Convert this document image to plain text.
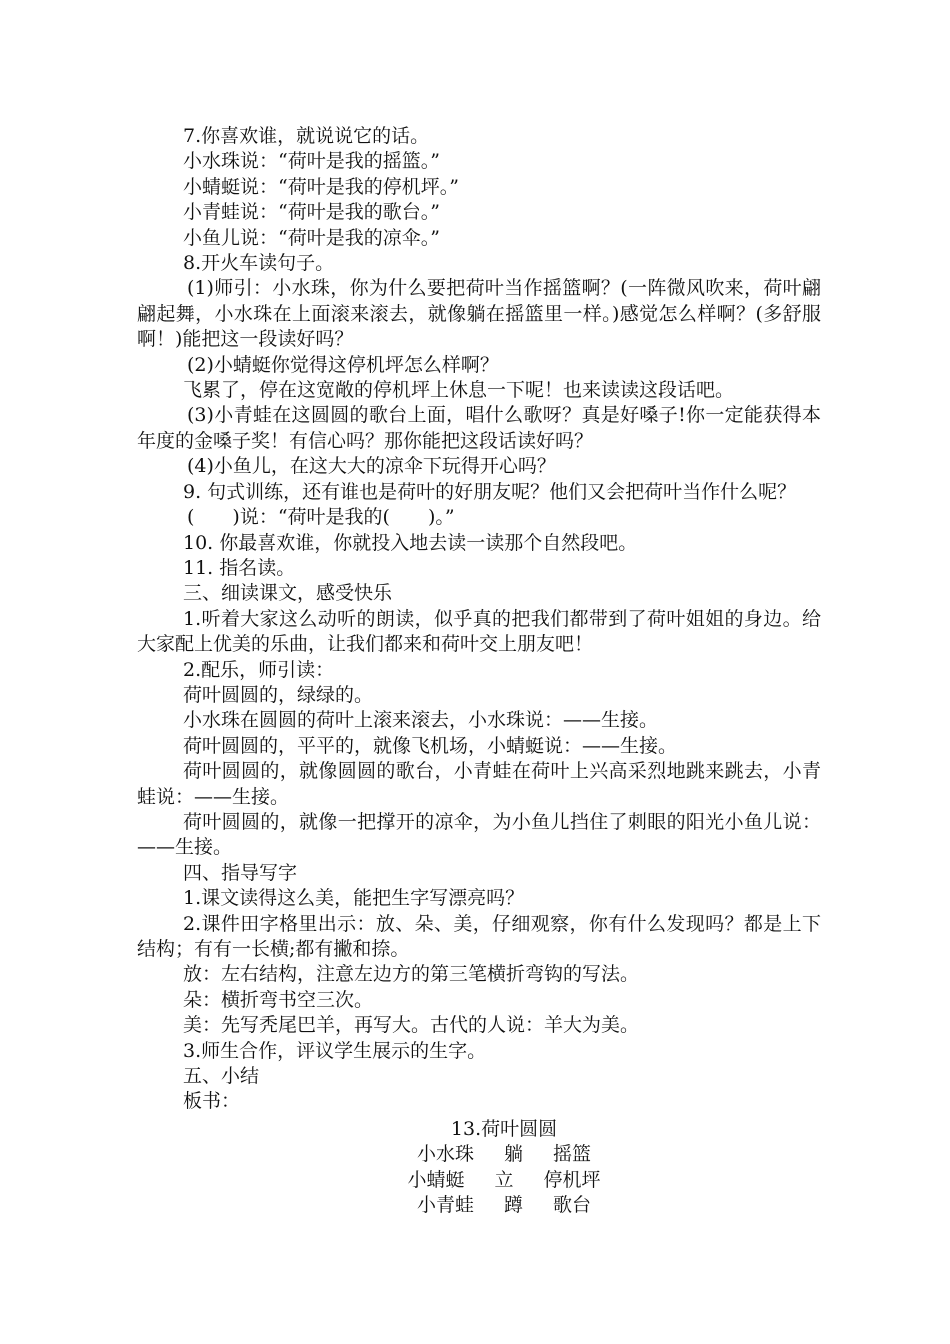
7.你喜欢谁，就说说它的话。

小水珠说：“荷叶是我的摇篮。”

小蜻蜓说：“荷叶是我的停机坪。”

小青蛙说：“荷叶是我的歌台。”

小鱼儿说：“荷叶是我的凉伞。”

8.开火车读句子。

(1)师引：小水珠，你为什么要把荷叶当作摇篮啊？(一阵微风吹来，荷叶翩翩起舞，小水珠在上面滚来滚去，就像躺在摇篮里一样。)感觉怎么样啊？(多舒服啊！)能把这一段读好吗？

(2)小蜻蜓你觉得这停机坪怎么样啊？

飞累了，停在这宽敞的停机坪上休息一下呢！也来读读这段话吧。

(3)小青蛙在这圆圆的歌台上面，唱什么歌呀？真是好嗓子!你一定能获得本年度的金嗓子奖！有信心吗？那你能把这段话读好吗？

(4)小鱼儿，在这大大的凉伞下玩得开心吗？

9. 句式训练，还有谁也是荷叶的好朋友呢？他们又会把荷叶当作什么呢？

(　　)说：“荷叶是我的(　　)。”

10. 你最喜欢谁，你就投入地去读一读那个自然段吧。

11. 指名读。

三、细读课文，感受快乐

1.听着大家这么动听的朗读，似乎真的把我们都带到了荷叶姐姐的身边。给大家配上优美的乐曲，让我们都来和荷叶交上朋友吧！

2.配乐，师引读：

荷叶圆圆的，绿绿的。

小水珠在圆圆的荷叶上滚来滚去，小水珠说：——生接。

荷叶圆圆的，平平的，就像飞机场，小蜻蜓说：——生接。

荷叶圆圆的，就像圆圆的歌台，小青蛙在荷叶上兴高采烈地跳来跳去，小青蛙说：——生接。

荷叶圆圆的，就像一把撑开的凉伞，为小鱼儿挡住了刺眼的阳光小鱼儿说：——生接。

四、指导写字

1.课文读得这么美，能把生字写漂亮吗？

2.课件田字格里出示：放、朵、美，仔细观察，你有什么发现吗？都是上下结构；有有一长横;都有撇和捺。

放：左右结构，注意左边方的第三笔横折弯钩的写法。

朵：横折弯书空三次。

美：先写秃尾巴羊，再写大。古代的人说：羊大为美。

3.师生合作，评议学生展示的生字。

五、小结

板书：

13.荷叶圆圆

小水珠 躺 摇篮

小蜻蜓 立 停机坪

小青蛙 蹲 歌台
